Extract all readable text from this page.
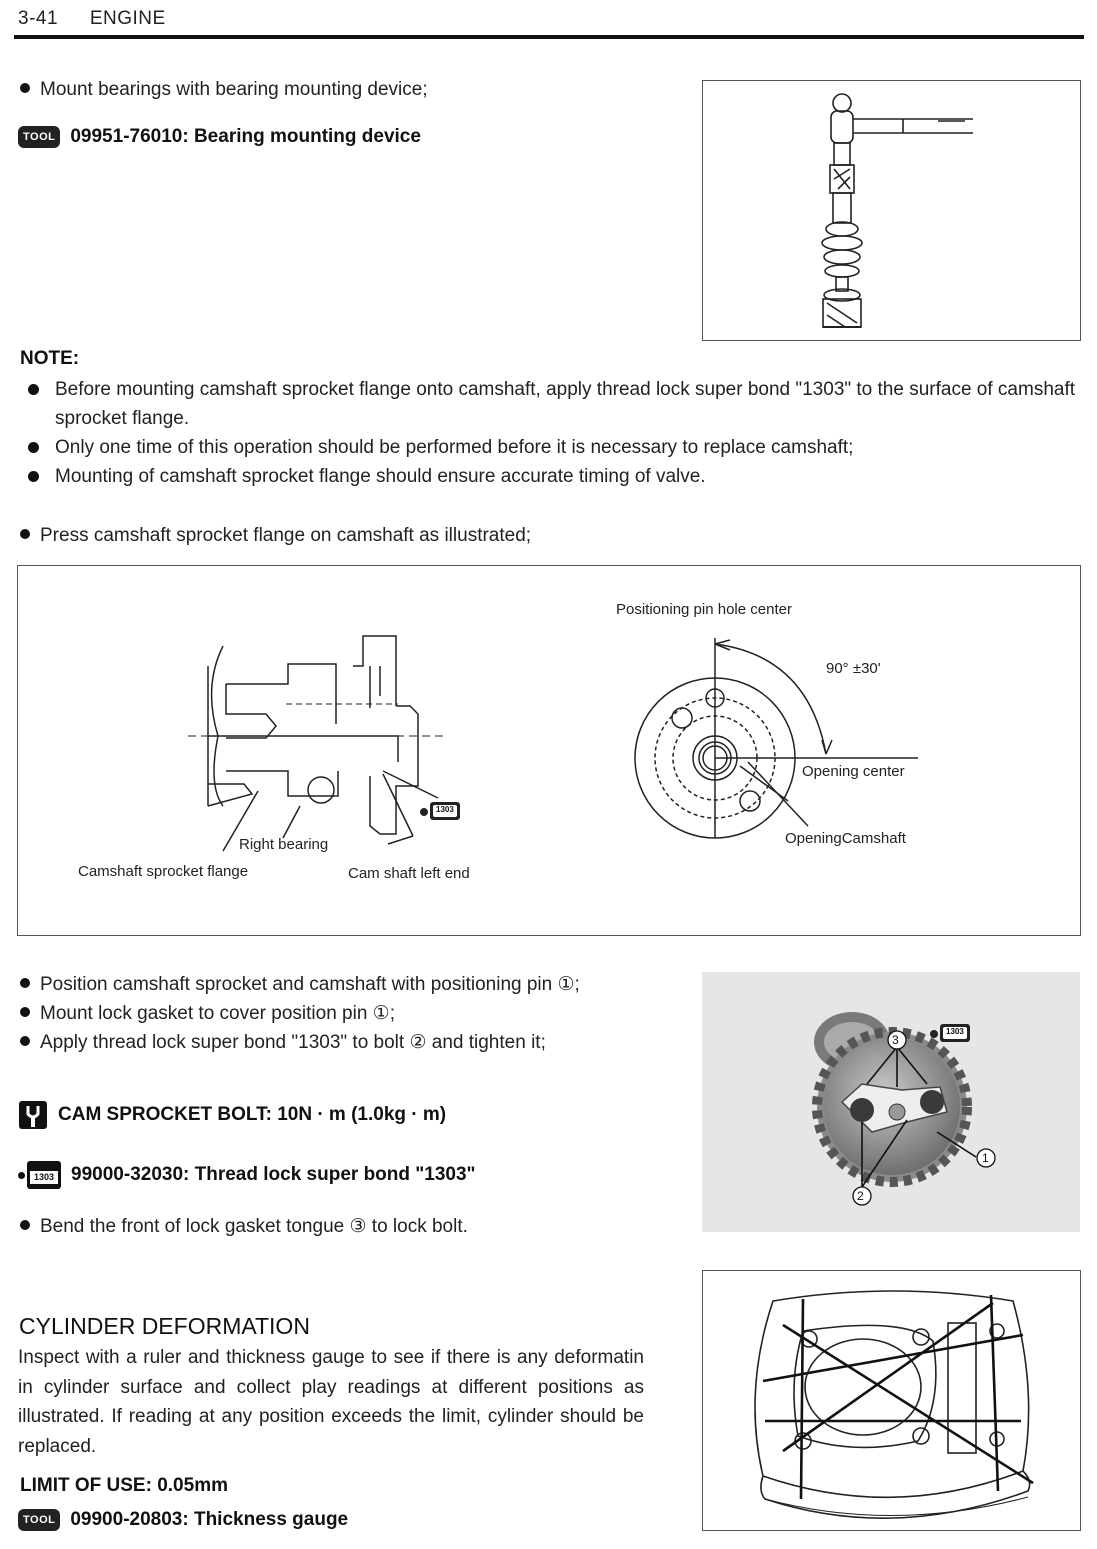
3-41 ENGINE
Mount bearings with bearing mounting device;
TOOL 09951-76010: Bearing mounting device
NOTE:
Before mounting camshaft sprocket flange onto camshaft, apply thread lock super bond "1303" to the surface of camshaft sprocket flange.
Only one time of this operation should be performed before it is necessary to replace camshaft;
Mounting of camshaft sprocket flange should ensure accurate timing of valve.
Press camshaft sprocket flange on camshaft as illustrated;
Right bearing
Camshaft sprocket flange	Cam shaft left end
1303
Positioning pin hole center
90° ±30'
Opening center
OpeningCamshaft
Position camshaft sprocket and camshaft with positioning pin ①;
Mount lock gasket to cover position pin ①;
Apply thread lock super bond "1303" to bolt ② and tighten it;
CAM SPROCKET BOLT: 10N · m (1.0kg · m)
1303 99000-32030: Thread lock super bond "1303"
Bend the front of lock gasket tongue ③ to lock bolt.
3
2
1
1303
CYLINDER DEFORMATION
Inspect with a ruler and thickness gauge to see if there is any deformatin in cylinder surface and collect play readings at different positions as illustrated. If reading at any position exceeds the limit, cylinder should be replaced.
LIMIT OF USE: 0.05mm
TOOL 09900-20803: Thickness gauge
